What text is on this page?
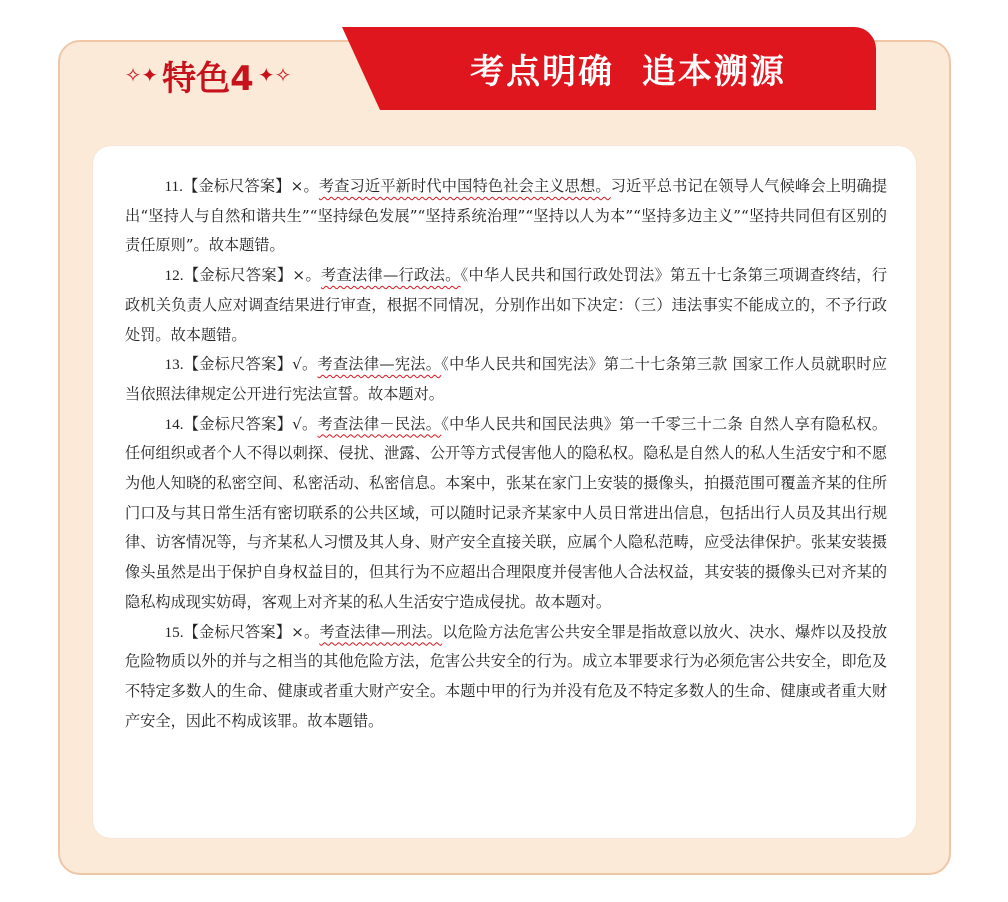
考点明确  追本溯源
✧✦ 特色4 ✦✧

11.【金标尺答案】×。考查习近平新时代中国特色社会主义思想。习近平总书记在领导人气候峰会上明确提出“坚持人与自然和谐共生”“坚持绿色发展”“坚持系统治理”“坚持以人为本”“坚持多边主义”“坚持共同但有区别的责任原则”。故本题错。

12.【金标尺答案】×。考查法律—行政法。《中华人民共和国行政处罚法》第五十七条第三项调查终结，行政机关负责人应对调查结果进行审查，根据不同情况，分别作出如下决定：（三）违法事实不能成立的，不予行政处罚。故本题错。

13.【金标尺答案】√。考查法律—宪法。《中华人民共和国宪法》第二十七条第三款 国家工作人员就职时应当依照法律规定公开进行宪法宣誓。故本题对。

14.【金标尺答案】√。考查法律－民法。《中华人民共和国民法典》第一千零三十二条 自然人享有隐私权。任何组织或者个人不得以刺探、侵扰、泄露、公开等方式侵害他人的隐私权。隐私是自然人的私人生活安宁和不愿为他人知晓的私密空间、私密活动、私密信息。本案中，张某在家门上安装的摄像头，拍摄范围可覆盖齐某的住所门口及与其日常生活有密切联系的公共区域，可以随时记录齐某家中人员日常进出信息，包括出行人员及其出行规律、访客情况等，与齐某私人习惯及其人身、财产安全直接关联，应属个人隐私范畴，应受法律保护。张某安装摄像头虽然是出于保护自身权益目的，但其行为不应超出合理限度并侵害他人合法权益，其安装的摄像头已对齐某的隐私构成现实妨碍，客观上对齐某的私人生活安宁造成侵扰。故本题对。

15.【金标尺答案】×。考查法律—刑法。以危险方法危害公共安全罪是指故意以放火、决水、爆炸以及投放危险物质以外的并与之相当的其他危险方法，危害公共安全的行为。成立本罪要求行为必须危害公共安全，即危及不特定多数人的生命、健康或者重大财产安全。本题中甲的行为并没有危及不特定多数人的生命、健康或者重大财产安全，因此不构成该罪。故本题错。
